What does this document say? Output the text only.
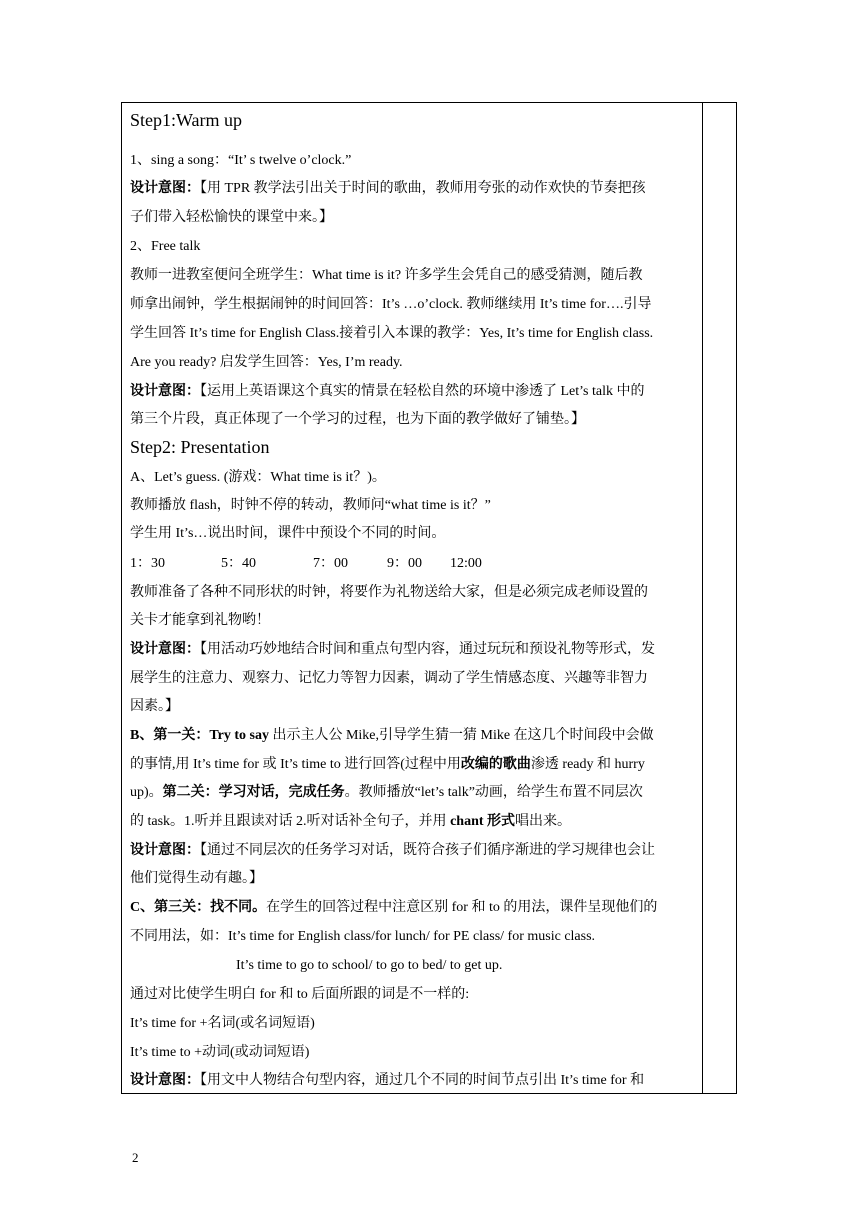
Step1:Warm up
1、sing a song：“It’ s twelve o’clock.”
设计意图：【用 TPR 教学法引出关于时间的歌曲，教师用夸张的动作欢快的节奏把孩
子们带入轻松愉快的课堂中来。】
2、Free talk
教师一进教室便问全班学生：What time is it? 许多学生会凭自己的感受猜测，随后教
师拿出闹钟，学生根据闹钟的时间回答：It’s …o’clock. 教师继续用 It’s time for….引导
学生回答 It’s time for English Class.接着引入本课的教学：Yes, It’s time for English class.
Are you ready? 启发学生回答：Yes, I’m ready.
设计意图：【运用上英语课这个真实的情景在轻松自然的环境中渗透了 Let’s talk 中的
第三个片段，真正体现了一个学习的过程，也为下面的教学做好了铺垫。】
Step2: Presentation
A、Let’s guess. (游戏：What time is it？)。
教师播放 flash，时钟不停的转动，教师问“what time is it？”
学生用 It’s…说出时间，课件中预设个不同的时间。
1：30	5：40	7：00	9：00 12:00
教师准备了各种不同形状的时钟，将要作为礼物送给大家，但是必须完成老师设置的
关卡才能拿到礼物哟！
设计意图：【用活动巧妙地结合时间和重点句型内容，通过玩玩和预设礼物等形式，发
展学生的注意力、观察力、记忆力等智力因素，调动了学生情感态度、兴趣等非智力
因素。】
B、第一关：Try to say 出示主人公 Mike,引导学生猜一猜 Mike 在这几个时间段中会做
的事情,用 It’s time for 或 It’s time to 进行回答(过程中用改编的歌曲渗透 ready 和 hurry
up)。第二关：学习对话，完成任务。教师播放“let’s talk”动画，给学生布置不同层次
的 task。1.听并且跟读对话 2.听对话补全句子，并用 chant 形式唱出来。
设计意图：【通过不同层次的任务学习对话，既符合孩子们循序渐进的学习规律也会让
他们觉得生动有趣。】
C、第三关：找不同。在学生的回答过程中注意区别 for 和 to 的用法，课件呈现他们的
不同用法，如：It’s time for English class/for lunch/ for PE class/ for music class.
It’s time to go to school/ to go to bed/ to get up.
通过对比使学生明白 for 和 to 后面所跟的词是不一样的:
It’s time for +名词(或名词短语)
It’s time to +动词(或动词短语)
设计意图：【用文中人物结合句型内容，通过几个不同的时间节点引出 It’s time for 和
2
